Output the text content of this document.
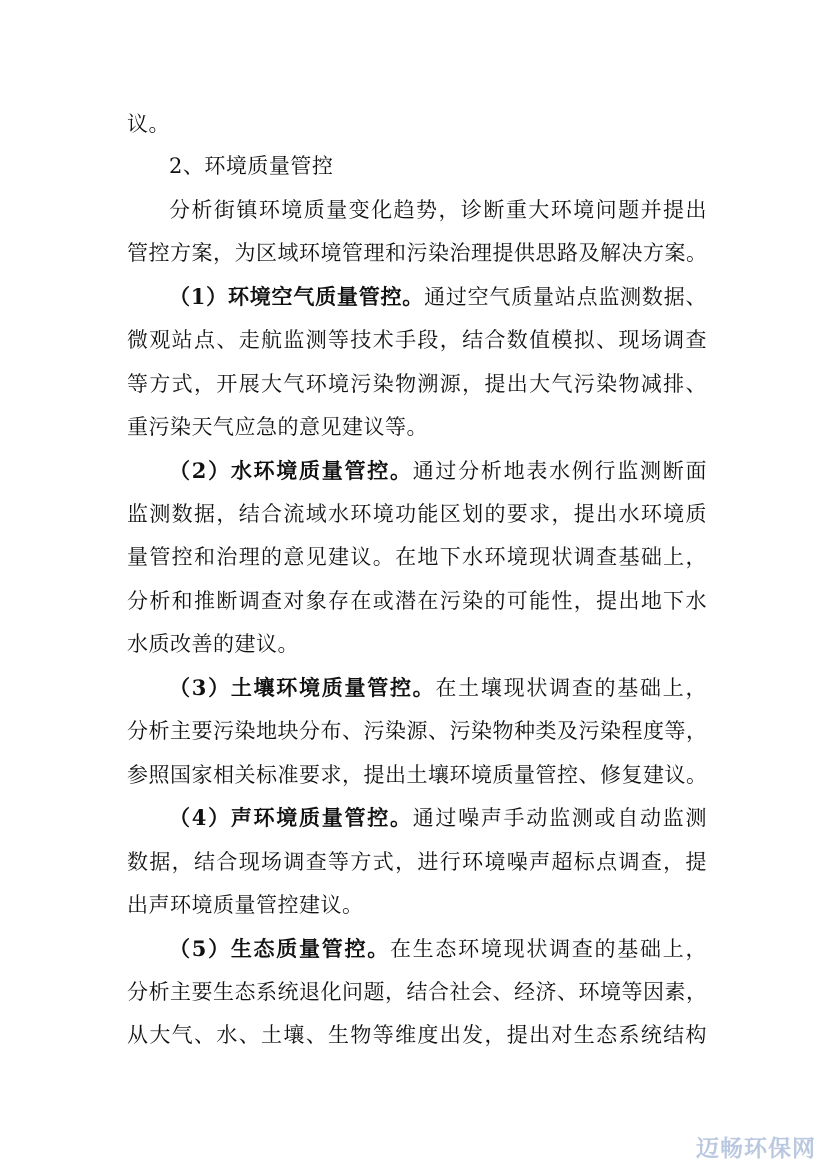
议。
2、环境质量管控
分析街镇环境质量变化趋势，诊断重大环境问题并提出
管控方案，为区域环境管理和污染治理提供思路及解决方案。
（1）环境空气质量管控。通过空气质量站点监测数据、
微观站点、走航监测等技术手段，结合数值模拟、现场调查
等方式，开展大气环境污染物溯源，提出大气污染物减排、
重污染天气应急的意见建议等。
（2）水环境质量管控。通过分析地表水例行监测断面
监测数据，结合流域水环境功能区划的要求，提出水环境质
量管控和治理的意见建议。在地下水环境现状调查基础上，
分析和推断调查对象存在或潜在污染的可能性，提出地下水
水质改善的建议。
（3）土壤环境质量管控。在土壤现状调查的基础上，
分析主要污染地块分布、污染源、污染物种类及污染程度等，
参照国家相关标准要求，提出土壤环境质量管控、修复建议。
（4）声环境质量管控。通过噪声手动监测或自动监测
数据，结合现场调查等方式，进行环境噪声超标点调查，提
出声环境质量管控建议。
（5）生态质量管控。在生态环境现状调查的基础上，
分析主要生态系统退化问题，结合社会、经济、环境等因素，
从大气、水、土壤、生物等维度出发，提出对生态系统结构
迈畅环保网
